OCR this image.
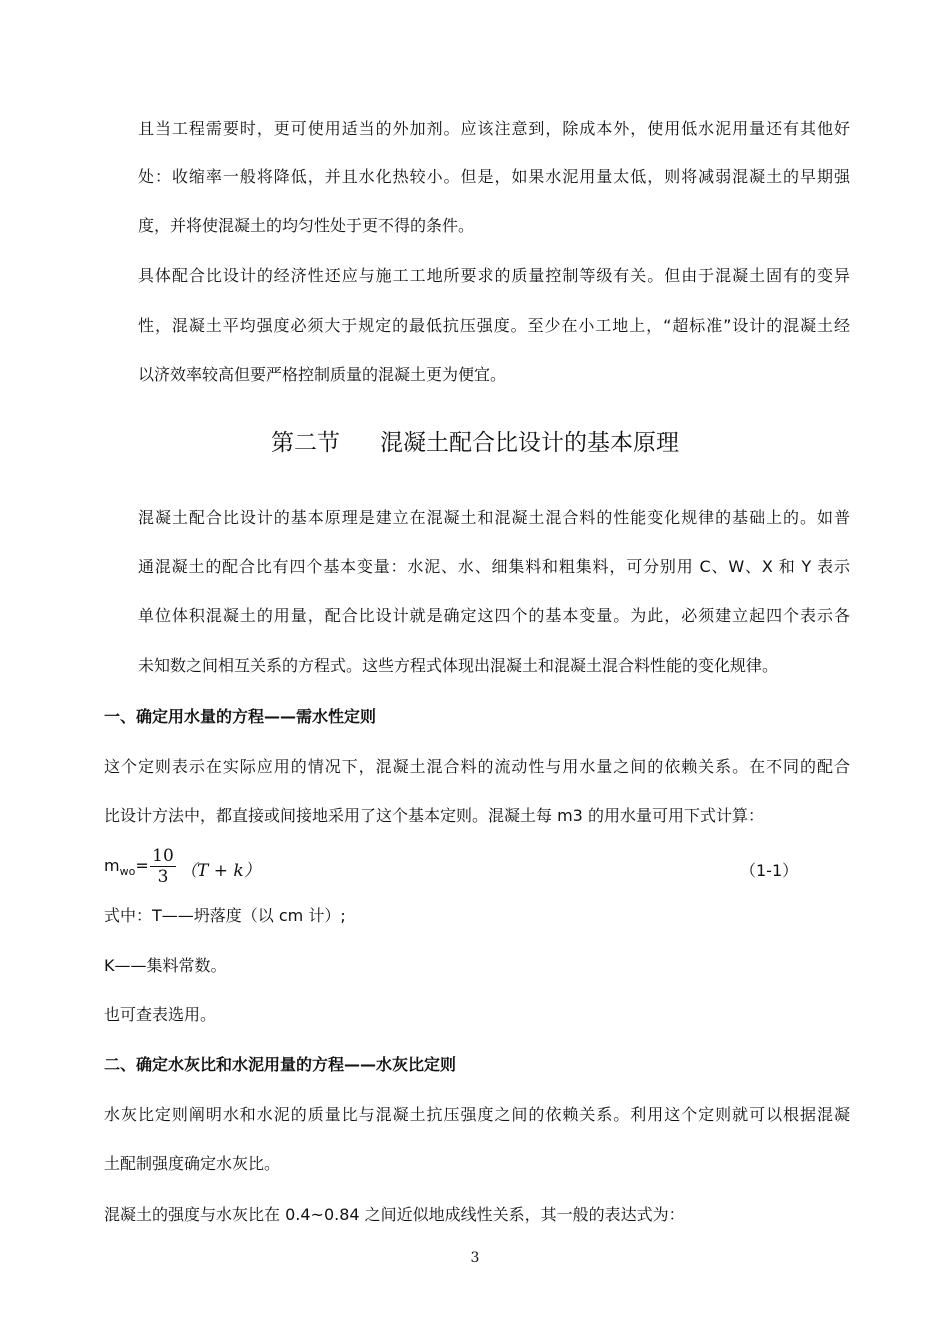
且当工程需要时，更可使用适当的外加剂。应该注意到，除成本外，使用低水泥用量还有其他好
处：收缩率一般将降低，并且水化热较小。但是，如果水泥用量太低，则将减弱混凝土的早期强
度，并将使混凝土的均匀性处于更不得的条件。
具体配合比设计的经济性还应与施工工地所要求的质量控制等级有关。但由于混凝土固有的变异
性，混凝土平均强度必须大于规定的最低抗压强度。至少在小工地上，“超标准”设计的混凝土经
以济效率较高但要严格控制质量的混凝土更为便宜。
第二节 混凝土配合比设计的基本原理
混凝土配合比设计的基本原理是建立在混凝土和混凝土混合料的性能变化规律的基础上的。如普
通混凝土的配合比有四个基本变量：水泥、水、细集料和粗集料，可分别用 C、W、X 和 Y 表示
单位体积混凝土的用量，配合比设计就是确定这四个的基本变量。为此，必须建立起四个表示各
未知数之间相互关系的方程式。这些方程式体现出混凝土和混凝土混合料性能的变化规律。
一、确定用水量的方程——需水性定则
这个定则表示在实际应用的情况下，混凝土混合料的流动性与用水量之间的依赖关系。在不同的配合
比设计方法中，都直接或间接地采用了这个基本定则。混凝土每 m3 的用水量可用下式计算：
$m_{wo}= \frac{10}{3} (T + k)$	（1-1）
式中：T——坍落度（以 cm 计）;
K——集料常数。
也可查表选用。
二、确定水灰比和水泥用量的方程——水灰比定则
水灰比定则阐明水和水泥的质量比与混凝土抗压强度之间的依赖关系。利用这个定则就可以根据混凝
土配制强度确定水灰比。
混凝土的强度与水灰比在 0.4~0.84 之间近似地成线性关系，其一般的表达式为：
3
